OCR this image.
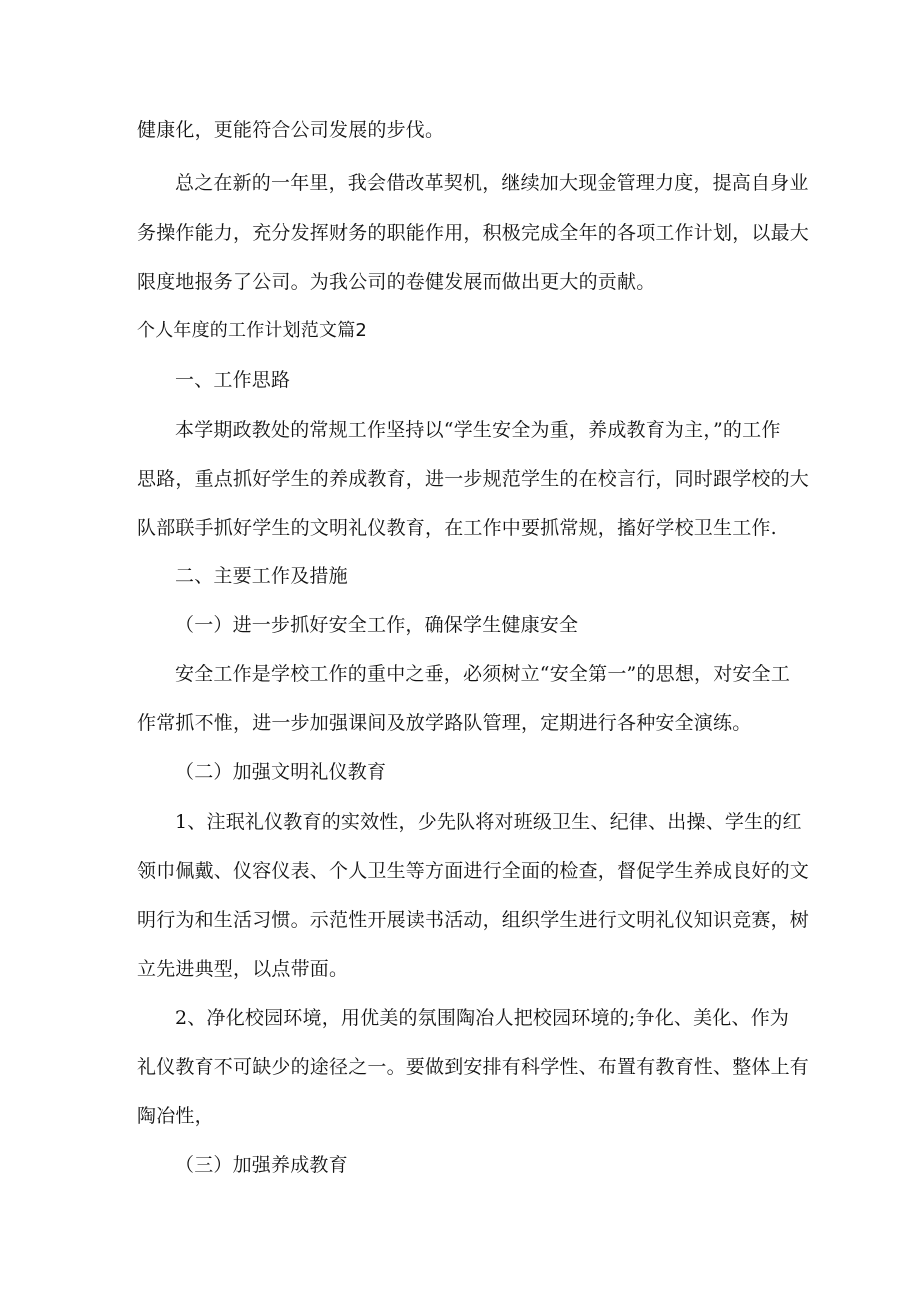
健康化，更能符合公司发展的步伐。

总之在新的一年里，我会借改革契机，继续加大现金管理力度，提高自身业

务操作能力，充分发挥财务的职能作用，积极完成全年的各项工作计划，以最大

限度地报务了公司。为我公司的卷健发展而做出更大的贡献。

个人年度的工作计划范文篇2

一、工作思路

本学期政教处的常规工作坚持以“学生安全为重，养成教育为主，”的工作

思路，重点抓好学生的养成教育，进一步规范学生的在校言行，同时跟学校的大

队部联手抓好学生的文明礼仪教育，在工作中要抓常规，搐好学校卫生工作.

二、主要工作及措施

（一）进一步抓好安全工作，确保学生健康安全

安全工作是学校工作的重中之垂，必须树立“安全第一”的思想，对安全工

作常抓不惟，进一步加强课间及放学路队管理，定期进行各种安全演练。

（二）加强文明礼仪教育

1、注珉礼仪教育的实效性，少先队将对班级卫生、纪律、出操、学生的红

领巾佩戴、仪容仪表、个人卫生等方面进行全面的检查，督促学生养成良好的文

明行为和生活习惯。示范性开展读书活动，组织学生进行文明礼仪知识竞赛，树

立先进典型，以点带面。

2、净化校园环境，用优美的氛围陶冶人把校园环境的;争化、美化、作为

礼仪教育不可缺少的途径之一。要做到安排有科学性、布置有教育性、整体上有

陶冶性，

（三）加强养成教育
